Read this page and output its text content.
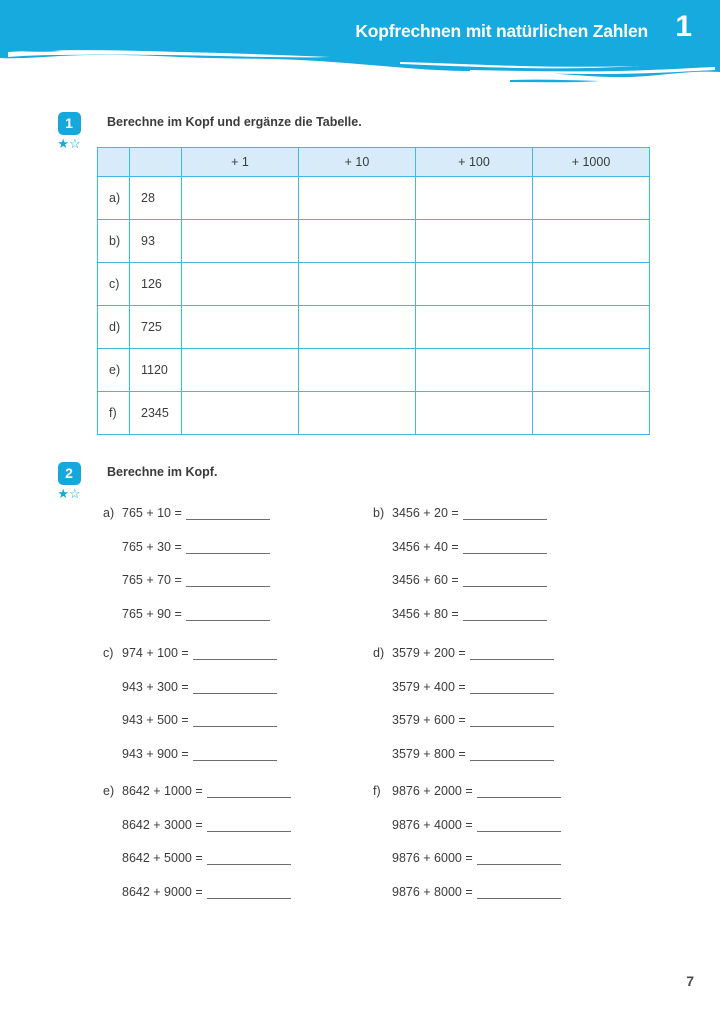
Kopfrechnen mit natürlichen Zahlen 1
1
★☆
Berechne im Kopf und ergänze die Tabelle.
		+ 1	+ 10	+ 100	+ 1000
a)	28				
b)	93				
c)	126				
d)	725				
e)	1120				
f)	2345				
2
★☆
Berechne im Kopf.
a) 765 + 10 =
765 + 30 =
765 + 70 =
765 + 90 =
b) 3456 + 20 =
3456 + 40 =
3456 + 60 =
3456 + 80 =
c) 974 + 100 =
943 + 300 =
943 + 500 =
943 + 900 =
d) 3579 + 200 =
3579 + 400 =
3579 + 600 =
3579 + 800 =
e) 8642 + 1000 =
8642 + 3000 =
8642 + 5000 =
8642 + 9000 =
f) 9876 + 2000 =
9876 + 4000 =
9876 + 6000 =
9876 + 8000 =
7
